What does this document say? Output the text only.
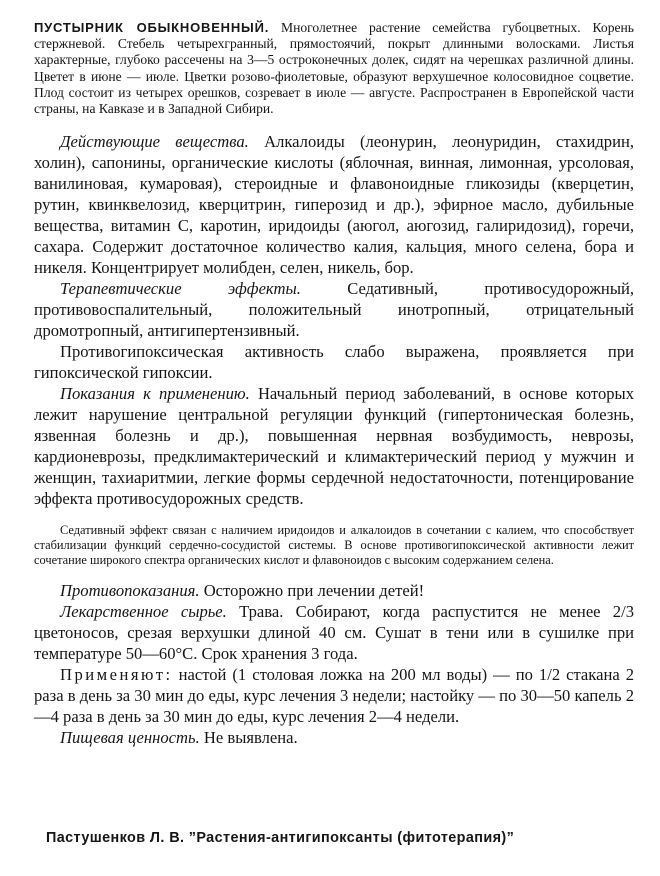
ПУСТЫРНИК ОБЫКНОВЕННЫЙ. Многолетнее растение семейства губоцветных. Корень стержневой. Стебель четырехгранный, прямостоячий, покрыт длинными волосками. Листья характерные, глубоко рассечены на 3—5 остроконечных долек, сидят на черешках различной длины. Цветет в июне — июле. Цветки розово-фиолетовые, образуют верхушечное колосовидное соцветие. Плод состоит из четырех орешков, созревает в июле — августе. Распространен в Европейской части страны, на Кавказе и в Западной Сибири.

Действующие вещества. Алкалоиды (леонурин, леонуридин, стахидрин, холин), сапонины, органические кислоты (яблочная, винная, лимонная, урсоловая, ванилиновая, кумаровая), стероидные и флавоноидные гликозиды (кверцетин, рутин, квинквелозид, кверцитрин, гиперозид и др.), эфирное масло, дубильные вещества, витамин С, каротин, иридоиды (аюгол, аюгозид, галиридозид), горечи, сахара. Содержит достаточное количество калия, кальция, много селена, бора и никеля. Концентрирует молибден, селен, никель, бор.

Терапевтические эффекты.	Седативный, противосудорожный, противовоспалительный, положительный инотропный, отрицательный дромотропный, антигипертензивный.

Противогипоксическая активность слабо выражена, проявляется при гипоксической гипоксии.

Показания к применению. Начальный период заболеваний, в основе которых лежит нарушение центральной регуляции функций (гипертоническая болезнь, язвенная болезнь и др.), повышенная нервная возбудимость, неврозы, кардионеврозы, предклимактерический и климактерический период у мужчин и женщин, тахиаритмии, легкие формы сердечной недостаточности, потенцирование эффекта противосудорожных средств.

Седативный эффект связан с наличием иридоидов и алкалоидов в сочетании с калием, что способствует стабилизации функций сердечно-сосудистой системы. В основе противогипоксической активности лежит сочетание широкого спектра органических кислот и флавоноидов с высоким содержанием селена.

Противопоказания. Осторожно при лечении детей!

Лекарственное сырье. Трава. Собирают, когда распустится не менее 2/3 цветоносов, срезая верхушки длиной 40 см. Сушат в тени или в сушилке при температуре 50—60°С. Срок хранения 3 года.

Применяют: настой (1 столовая ложка на 200 мл воды) — по 1/2 стакана 2 раза в день за 30 мин до еды, курс лечения 3 недели; настойку — по 30—50 капель 2—4 раза в день за 30 мин до еды, курс лечения 2—4 недели.

Пищевая ценность. Не выявлена.

Пастушенков Л. В. ”Растения-антигипоксанты (фитотерапия)”
